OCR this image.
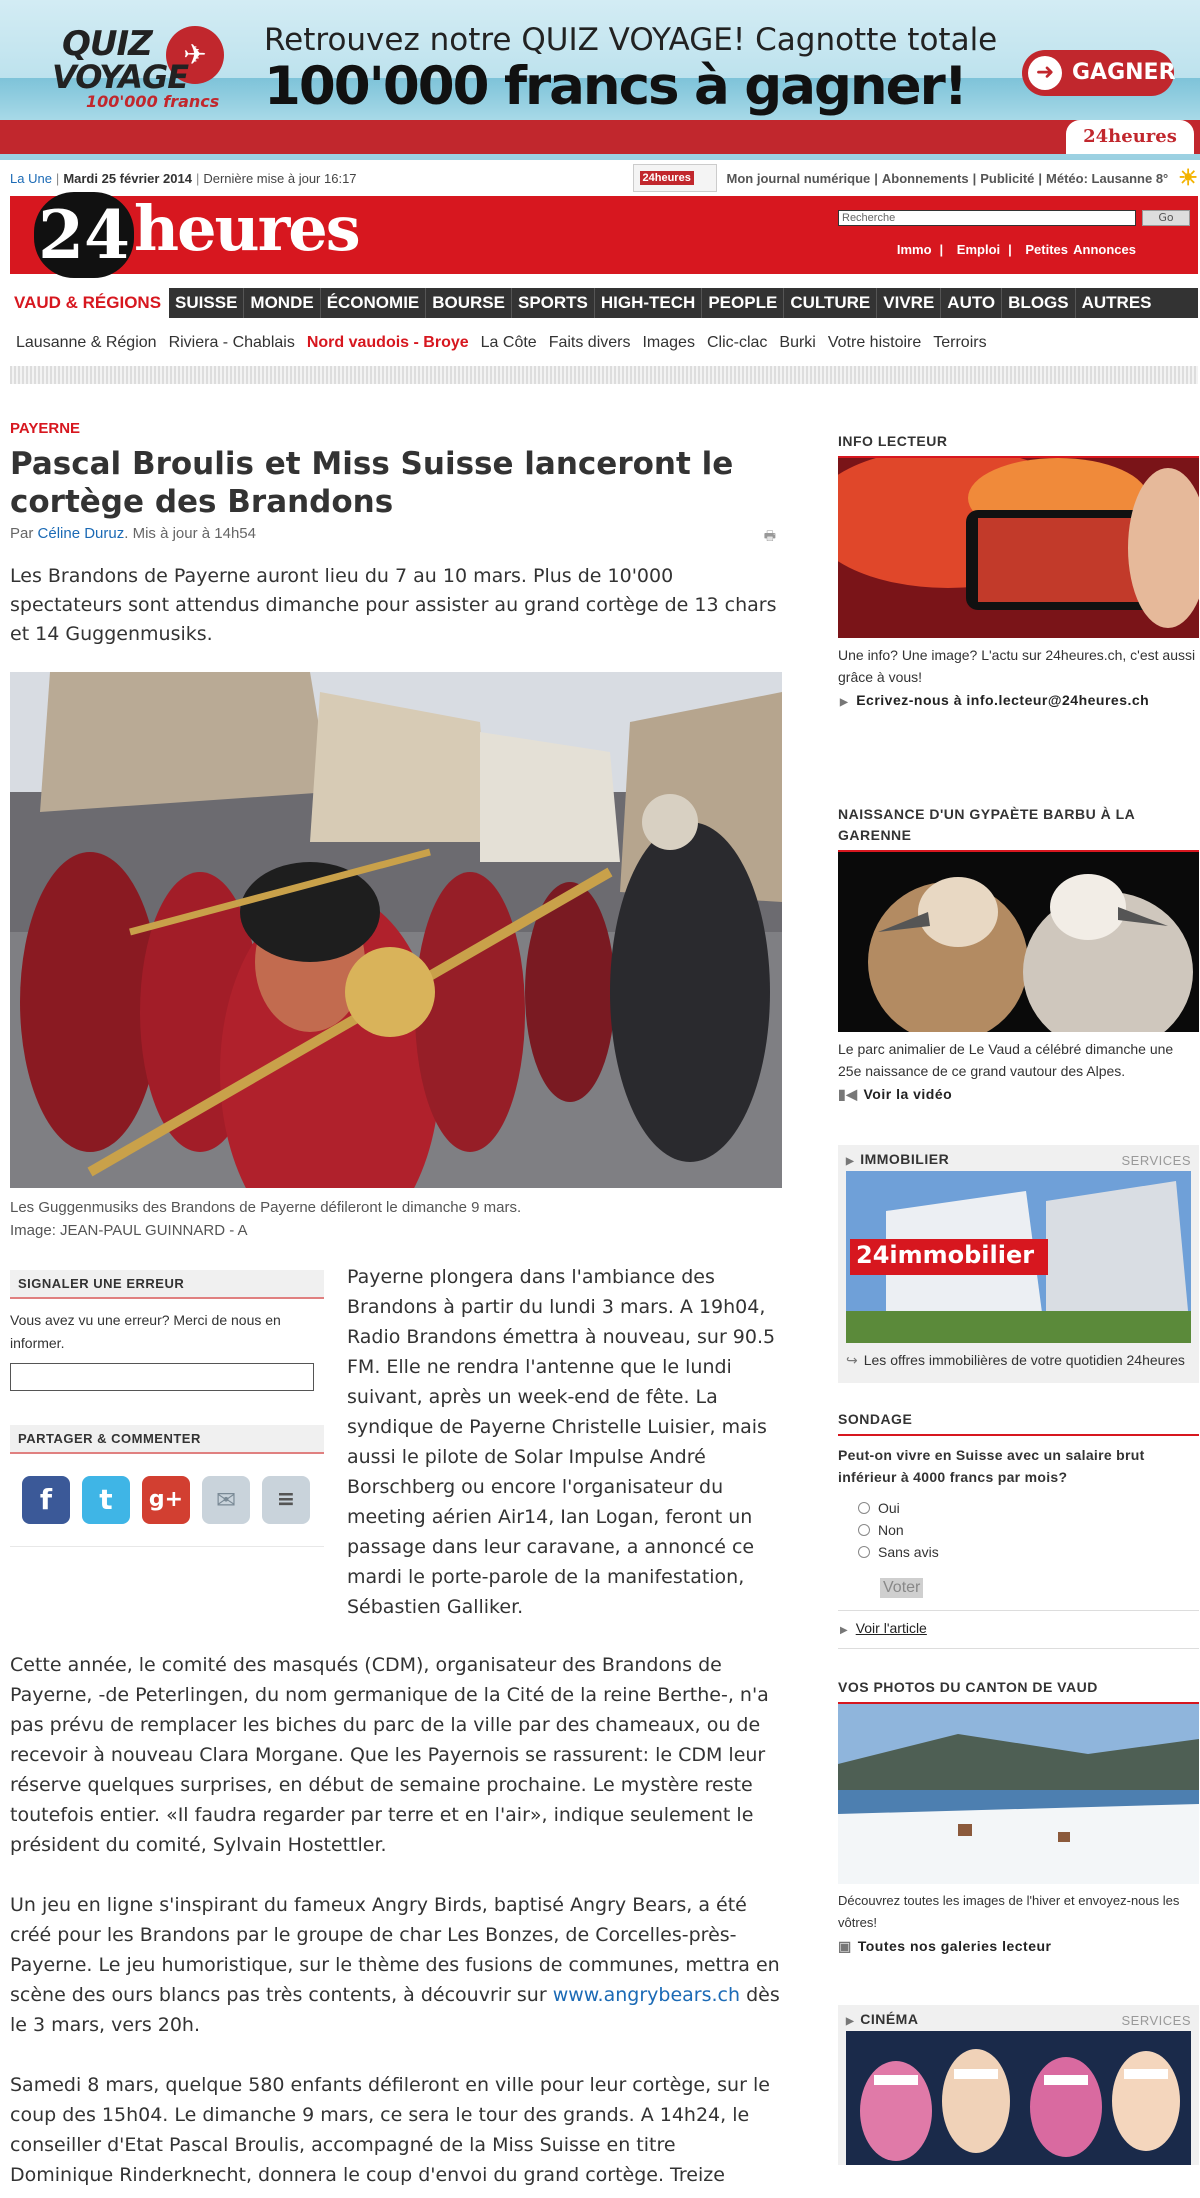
✈
QUIZ
VOYAGE
100'000 francs
Retrouvez notre QUIZ VOYAGE! Cagnotte totale
100'000 francs à gagner!	➜ GAGNER
24heures
La Une | Mardi 25 février 2014 | Dernière mise à jour 16:17	24heures	Mon journal numérique | Abonnements | Publicité | Météo: Lausanne 8° ☀
24 heures	Recherche	Go
Immo | Emploi | Petites Annonces
VAUD & RÉGIONS SUISSE MONDE ÉCONOMIE BOURSE SPORTS HIGH-TECH PEOPLE CULTURE VIVRE AUTO BLOGS AUTRES
Lausanne & Région Riviera - Chablais Nord vaudois - Broye La Côte Faits divers Images Clic-clac Burki Votre histoire Terroirs
PAYERNE
Pascal Broulis et Miss Suisse lanceront le cortège des Brandons
Par Céline Duruz. Mis à jour à 14h54	🖶
Les Brandons de Payerne auront lieu du 7 au 10 mars. Plus de 10'000 spectateurs sont attendus dimanche pour assister au grand cortège de 13 chars et 14 Guggenmusiks.
Les Guggenmusiks des Brandons de Payerne défileront le dimanche 9 mars.
Image: JEAN-PAUL GUINNARD - A
SIGNALER UNE ERREUR
Vous avez vu une erreur? Merci de nous en informer.
PARTAGER & COMMENTER
f	t	g+	✉	≡
Payerne plongera dans l'ambiance des Brandons à partir du lundi 3 mars. A 19h04, Radio Brandons émettra à nouveau, sur 90.5 FM. Elle ne rendra l'antenne que le lundi suivant, après un week-end de fête. La syndique de Payerne Christelle Luisier, mais aussi le pilote de Solar Impulse André Borschberg ou encore l'organisateur du meeting aérien Air14, Ian Logan, feront un passage dans leur caravane, a annoncé ce mardi le porte-parole de la manifestation, Sébastien Galliker.

Cette année, le comité des masqués (CDM), organisateur des Brandons de Payerne, -de Peterlingen, du nom germanique de la Cité de la reine Berthe-, n'a pas prévu de remplacer les biches du parc de la ville par des chameaux, ou de recevoir à nouveau Clara Morgane. Que les Payernois se rassurent: le CDM leur réserve quelques surprises, en début de semaine prochaine. Le mystère reste toutefois entier. «Il faudra regarder par terre et en l'air», indique seulement le président du comité, Sylvain Hostettler.

Un jeu en ligne s'inspirant du fameux Angry Birds, baptisé Angry Bears, a été créé pour les Brandons par le groupe de char Les Bonzes, de Corcelles-près-Payerne. Le jeu humoristique, sur le thème des fusions de communes, mettra en scène des ours blancs pas très contents, à découvrir sur www.angrybears.ch dès le 3 mars, vers 20h.

Samedi 8 mars, quelque 580 enfants défileront en ville pour leur cortège, sur le coup des 15h04. Le dimanche 9 mars, ce sera le tour des grands. A 14h24, le conseiller d'Etat Pascal Broulis, accompagné de la Miss Suisse en titre Dominique Rinderknecht, donnera le coup d'envoi du grand cortège. Treize

INFO LECTEUR
Une info? Une image? L'actu sur 24heures.ch, c'est aussi grâce à vous!
▶ Ecrivez-nous à info.lecteur@24heures.ch
NAISSANCE D'UN GYPAÈTE BARBU À LA GARENNE
Le parc animalier de Le Vaud a célébré dimanche une 25e naissance de ce grand vautour des Alpes.
▮◀ Voir la vidéo
▶ IMMOBILIER	SERVICES
24immobilier
↪ Les offres immobilières de votre quotidien 24heures
SONDAGE
Peut-on vivre en Suisse avec un salaire brut inférieur à 4000 francs par mois?
Oui
Non
Sans avis
Voter
▶ Voir l'article
VOS PHOTOS DU CANTON DE VAUD
Découvrez toutes les images de l'hiver et envoyez-nous les vôtres!
▣ Toutes nos galeries lecteur
▶ CINÉMA	SERVICES
